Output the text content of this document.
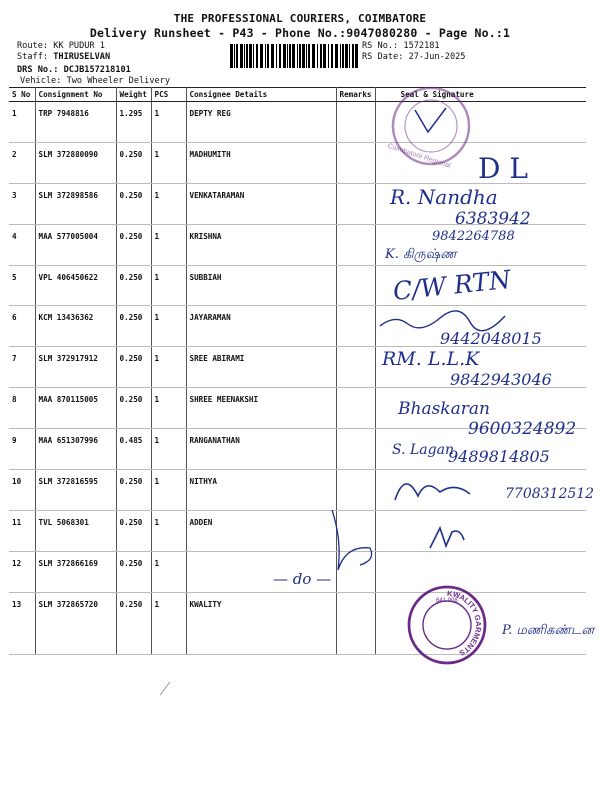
THE PROFESSIONAL COURIERS, COIMBATORE
Delivery Runsheet - P43 - Phone No.:9047080280 - Page No.:1
Route: KK PUDUR 1
Staff: THIRUSELVAN
DRS No.: DCJB157218101
Vehicle: Two Wheeler Delivery
RS No.: 1572181
RS Date: 27-Jun-2025
S No	Consignment No	Weight	PCS	Consignee Details	Remarks	Seal & Signature
1	TRP 7948816	1.295	1	DEPTY REG		
2	SLM 372880090	0.250	1	MADHUMITH		
3	SLM 372898586	0.250	1	VENKATARAMAN		
4	MAA 577005004	0.250	1	KRISHNA		
5	VPL 406450622	0.250	1	SUBBIAH		
6	KCM 13436362	0.250	1	JAYARAMAN		
7	SLM 372917912	0.250	1	SREE ABIRAMI		
8	MAA 870115005	0.250	1	SHREE MEENAKSHI		
9	MAA 651307996	0.485	1	RANGANATHAN		
10	SLM 372816595	0.250	1	NITHYA		
11	TVL 5068301	0.250	1	ADDEN		
12	SLM 372866169	0.250	1			
13	SLM 372865720	0.250	1	KWALITY		
Coimbatore Regional D L
R. Nandha
6383942
9842264788
K. கிருஷ்ண
C/W RTN
9442048015
RM. L.L.K
9842943046
Bhaskaran
9600324892
S. Lagan
9489814805
7708312512
— do —
KWALITY GARMENTS
641 008
P. மணிகண்டன
